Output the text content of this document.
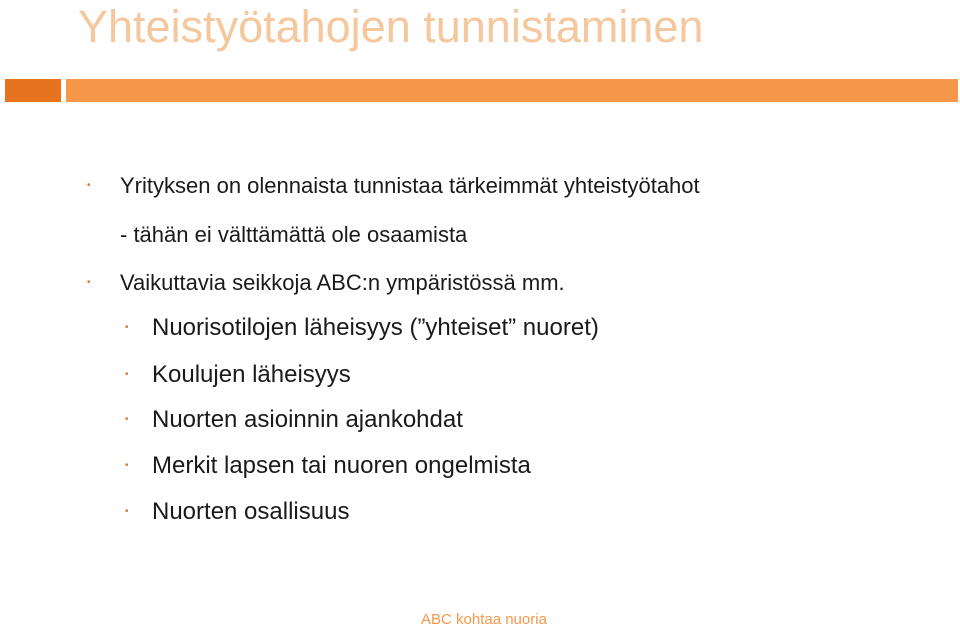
Yhteistyötahojen tunnistaminen
• Yrityksen on olennaista tunnistaa tärkeimmät yhteistyötahot
- tähän ei välttämättä ole osaamista
• Vaikuttavia seikkoja ABC:n ympäristössä mm.
• Nuorisotilojen läheisyys (”yhteiset” nuoret)
• Koulujen läheisyys
• Nuorten asioinnin ajankohdat
• Merkit lapsen tai nuoren ongelmista
• Nuorten osallisuus
ABC kohtaa nuoria
